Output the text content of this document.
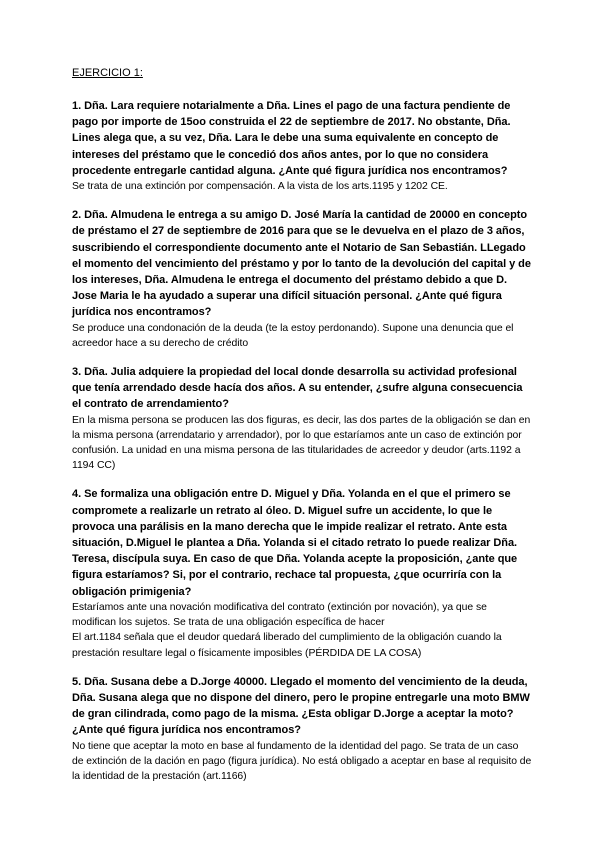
EJERCICIO 1:

1. Dña. Lara requiere notarialmente a Dña. Lines el pago de una factura pendiente de pago por importe de 15oo construida el 22 de septiembre de 2017. No obstante, Dña. Lines alega que, a su vez, Dña. Lara le debe una suma equivalente en concepto de intereses del préstamo que le concedió dos años antes, por lo que no considera procedente entregarle cantidad alguna. ¿Ante qué figura jurídica nos encontramos?

Se trata de una extinción por compensación. A la vista de los arts.1195 y 1202 CE.

2. Dña. Almudena le entrega a su amigo D. José María la cantidad de 20000 en concepto de préstamo el 27 de septiembre de 2016 para que se le devuelva en el plazo de 3 años, suscribiendo el correspondiente documento ante el Notario de San Sebastián. LLegado el momento del vencimiento del préstamo y por lo tanto de la devolución del capital y de los intereses, Dña. Almudena le entrega el documento del préstamo debido a que D. Jose Maria le ha ayudado a superar una difícil situación personal. ¿Ante qué figura jurídica nos encontramos?

Se produce una condonación de la deuda (te la estoy perdonando). Supone una denuncia que el acreedor hace a su derecho de crédito

3. Dña. Julia adquiere la propiedad del local donde desarrolla su actividad profesional que tenía arrendado desde hacía dos años. A su entender, ¿sufre alguna consecuencia el contrato de arrendamiento?

En la misma persona se producen las dos figuras, es decir, las dos partes de la obligación se dan en la misma persona (arrendatario y arrendador), por lo que estaríamos ante un caso de extinción por confusión. La unidad en una misma persona de las titularidades de acreedor y deudor (arts.1192 a 1194 CC)

4. Se formaliza una obligación entre D. Miguel y Dña. Yolanda en el que el primero se compromete a realizarle un retrato al óleo. D. Miguel sufre un accidente, lo que le provoca una parálisis en la mano derecha que le impide realizar el retrato. Ante esta situación, D.Miguel le plantea a Dña. Yolanda si el citado retrato lo puede realizar Dña. Teresa, discípula suya. En caso de que Dña. Yolanda acepte la proposición, ¿ante que figura estaríamos? Si, por el contrario, rechace tal propuesta, ¿que ocurriría con la obligación primigenia?

Estaríamos ante una novación modificativa del contrato (extinción por novación), ya que se modifican los sujetos. Se trata de una obligación específica de hacer

El art.1184 señala que el deudor quedará liberado del cumplimiento de la obligación cuando la prestación resultare legal o físicamente imposibles (PÉRDIDA DE LA COSA)

5. Dña. Susana debe a D.Jorge 40000. Llegado el momento del vencimiento de la deuda, Dña. Susana alega que no dispone del dinero, pero le propine entregarle una moto BMW de gran cilindrada, como pago de la misma. ¿Esta obligar D.Jorge a aceptar la moto?¿Ante qué figura jurídica nos encontramos?

No tiene que aceptar la moto en base al fundamento de la identidad del pago. Se trata de un caso de extinción de la dación en pago (figura jurídica). No está obligado a aceptar en base al requisito de la identidad de la prestación (art.1166)
